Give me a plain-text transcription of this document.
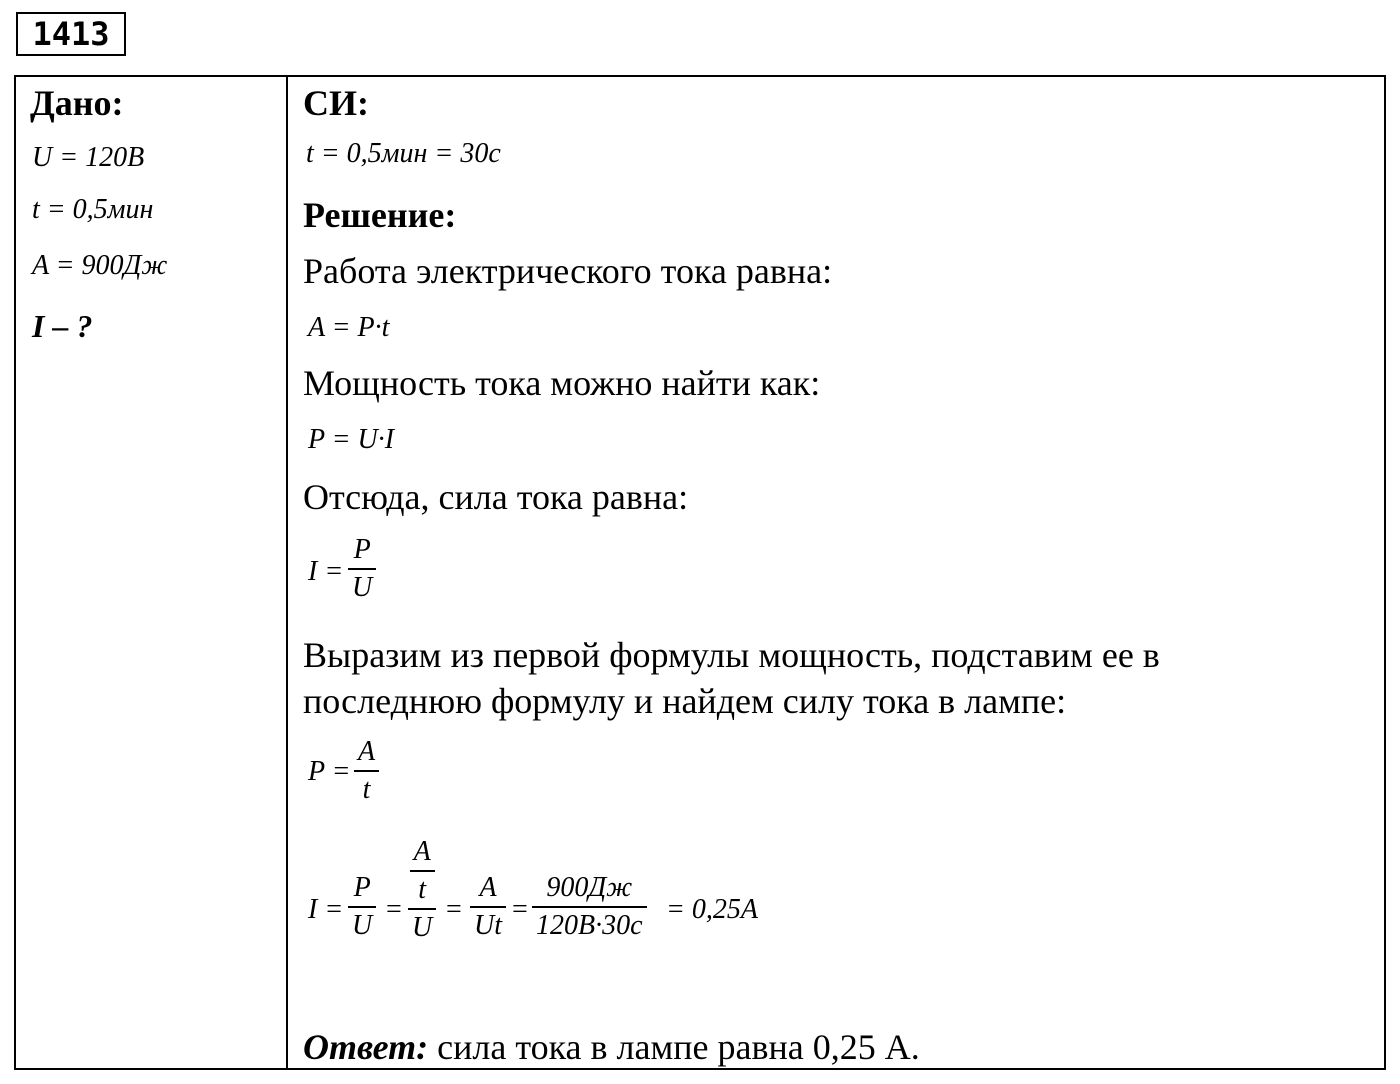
1413
Дано:
U = 120В
t = 0,5мин
A = 900Дж
I – ?
СИ:
t = 0,5мин = 30с
Решение:
Работа электрического тока равна:
A = P·t
Мощность тока можно найти как:
P = U·I
Отсюда, сила тока равна:
I =
P
U
Выразим из первой формулы мощность, подставим ее в
последнюю формулу и найдем силу тока в лампе:
P =
A
t
I =
P
U
=
$\frac{A}{t}$
U
=
A
Ut
=
900Дж
120В·30с
= 0,25A
Ответ: сила тока в лампе равна 0,25 А.
